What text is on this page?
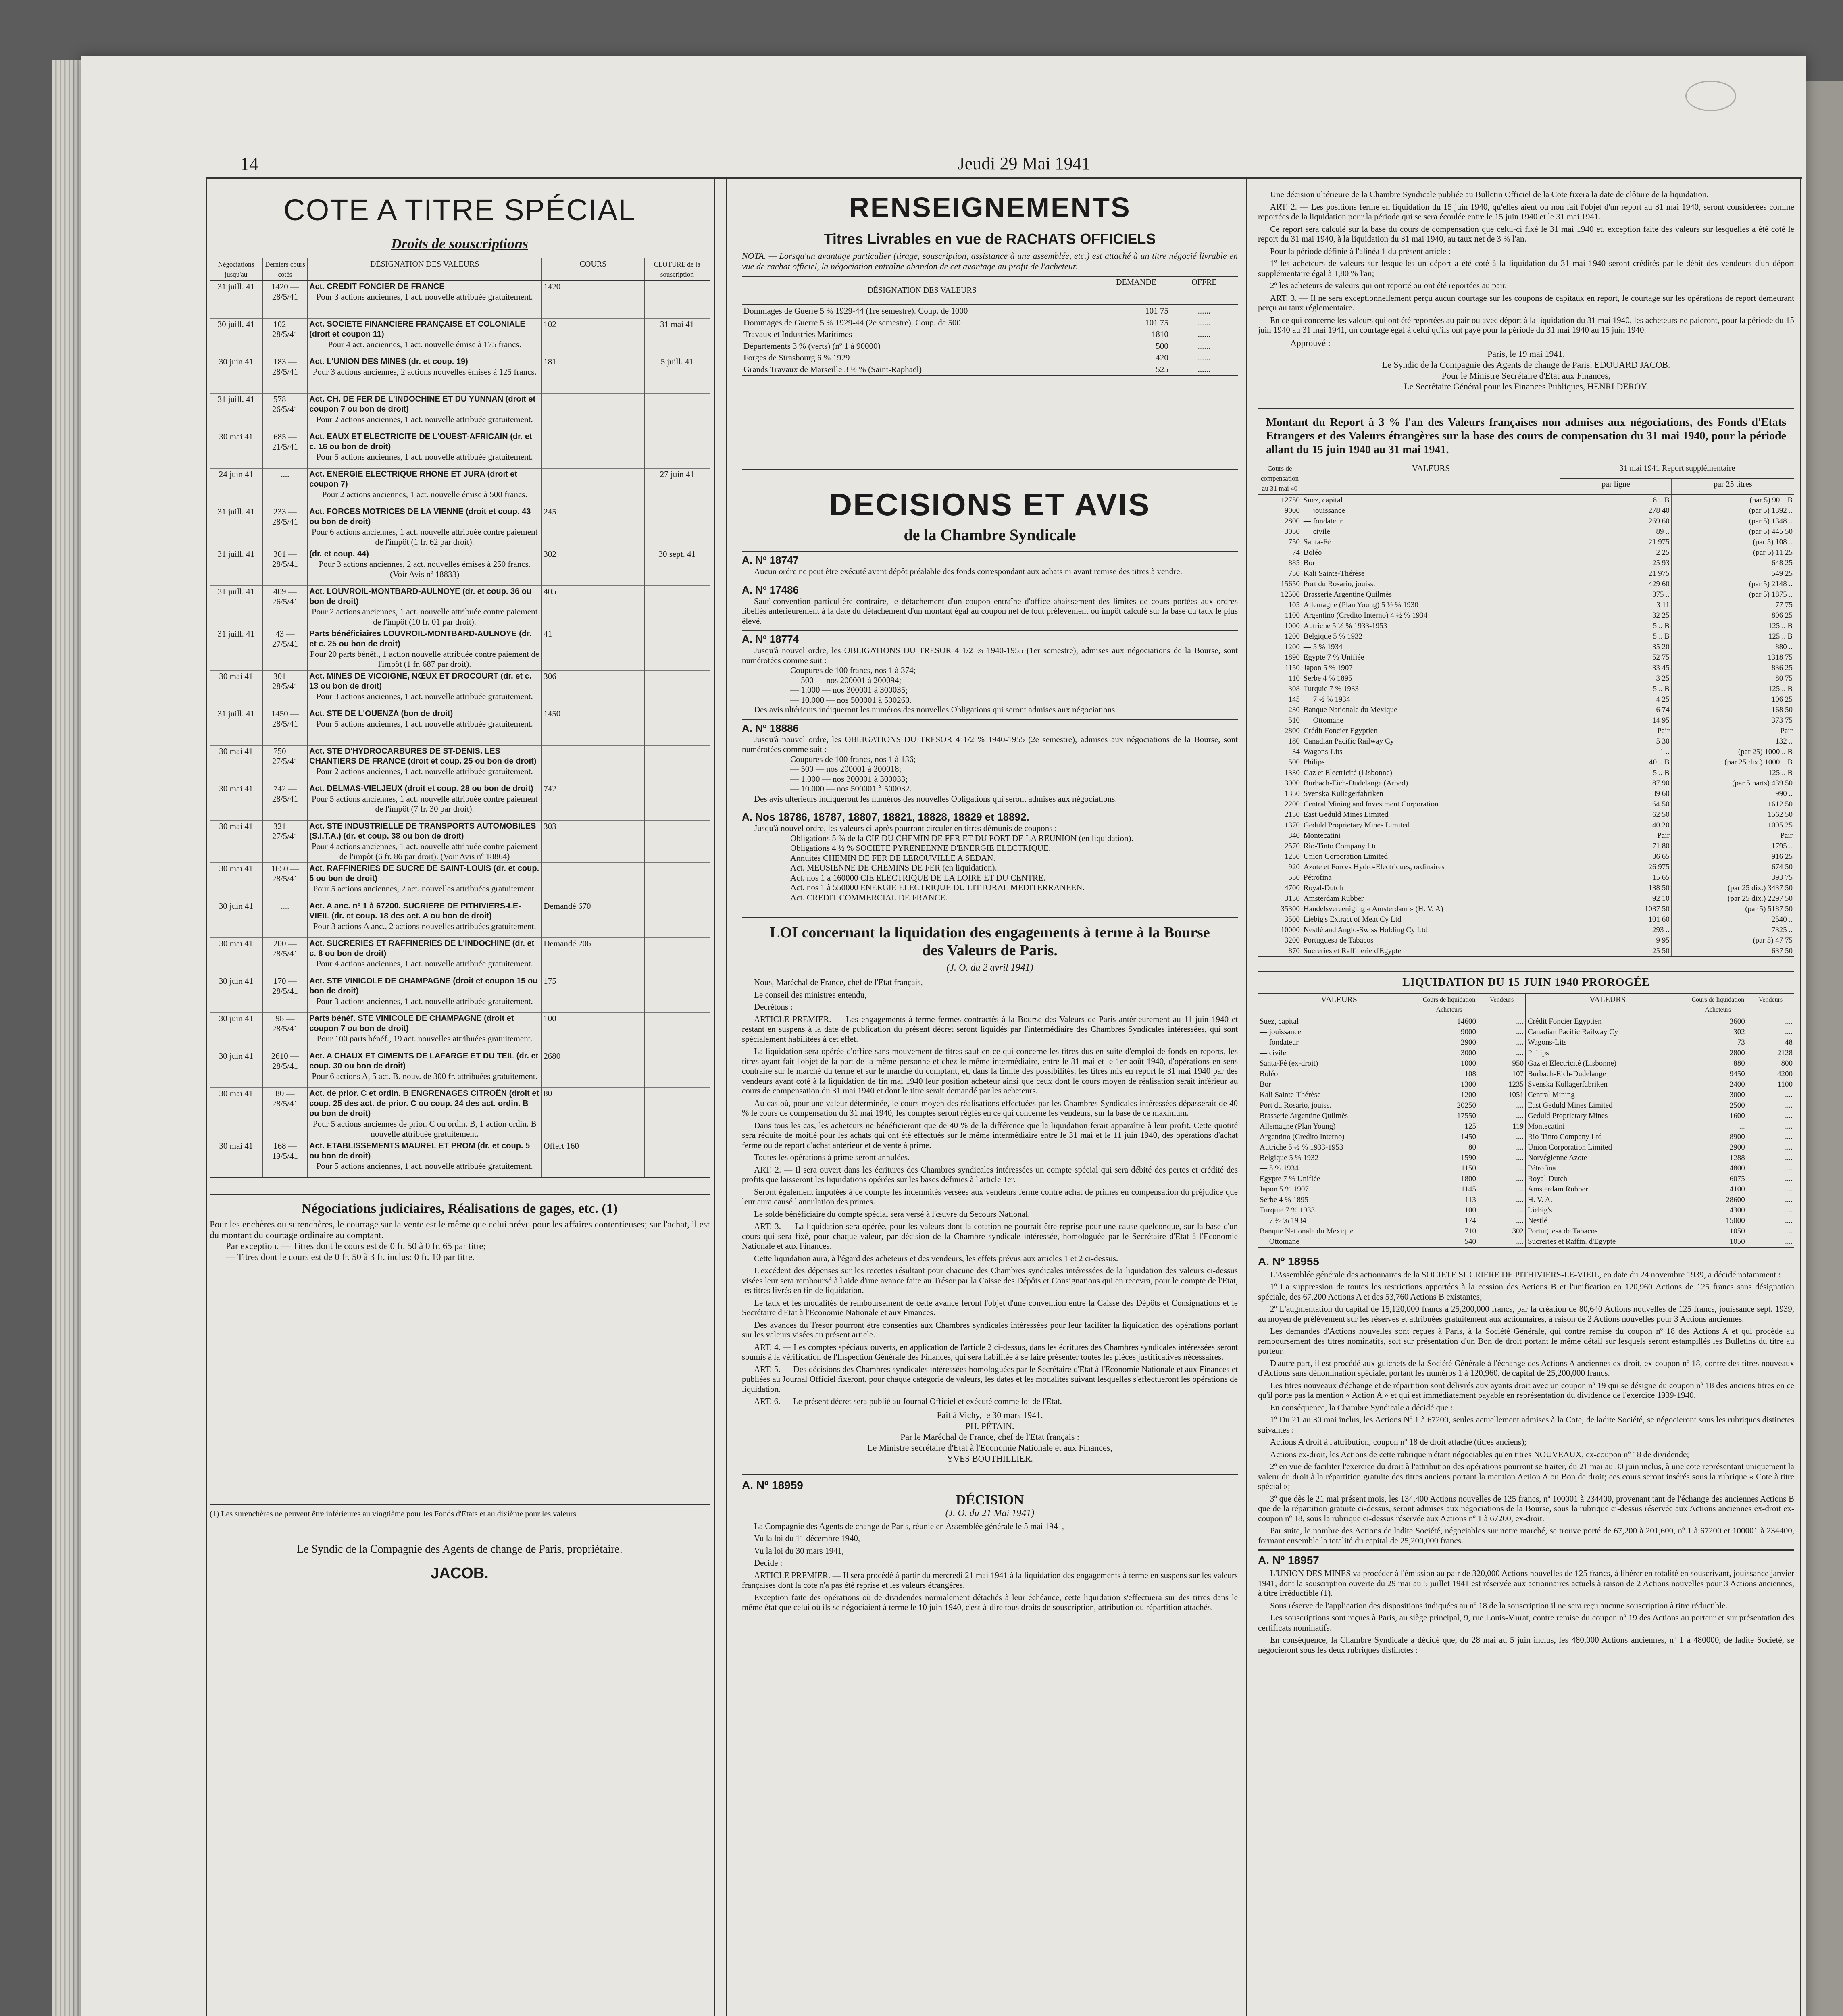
14	Jeudi 29 Mai 1941
COTE A TITRE SPÉCIAL
Droits de souscriptions
Négociations jusqu'au	Derniers cours cotés	DÉSIGNATION DES VALEURS	COURS	CLOTURE de la souscription
31 juill. 41	1420 — 28/5/41	Act. CREDIT FONCIER DE FRANCE
Pour 3 actions anciennes, 1 act. nouvelle attribuée gratuitement.	1420	
30 juill. 41	102 — 28/5/41	Act. SOCIETE FINANCIERE FRANÇAISE ET COLONIALE (droit et coupon 11)
Pour 4 act. anciennes, 1 act. nouvelle émise à 175 francs.	102	31 mai 41
30 juin 41	183 — 28/5/41	Act. L'UNION DES MINES (dr. et coup. 19)
Pour 3 actions anciennes, 2 actions nouvelles émises à 125 francs.	181	5 juill. 41
31 juill. 41	578 — 26/5/41	Act. CH. DE FER DE L'INDOCHINE ET DU YUNNAN (droit et coupon 7 ou bon de droit)
Pour 2 actions anciennes, 1 act. nouvelle attribuée gratuitement.		

30 mai 41	685 — 21/5/41	Act. EAUX ET ELECTRICITE DE L'OUEST-AFRICAIN (dr. et c. 16 ou bon de droit)
Pour 5 actions anciennes, 1 act. nouvelle attribuée gratuitement.		

24 juin 41	....	Act. ENERGIE ELECTRIQUE RHONE ET JURA (droit et coupon 7)
Pour 2 actions anciennes, 1 act. nouvelle émise à 500 francs.		27 juin 41
31 juill. 41	233 — 28/5/41	Act. FORCES MOTRICES DE LA VIENNE (droit et coup. 43 ou bon de droit)
Pour 6 actions anciennes, 1 act. nouvelle attribuée contre paiement de l'impôt (1 fr. 62 par droit).	245	
31 juill. 41	301 — 28/5/41	(dr. et coup. 44)
Pour 3 actions anciennes, 2 act. nouvelles émises à 250 francs. (Voir Avis nº 18833)	302	30 sept. 41
31 juill. 41	409 — 26/5/41	Act. LOUVROIL-MONTBARD-AULNOYE (dr. et coup. 36 ou bon de droit)
Pour 2 actions anciennes, 1 act. nouvelle attribuée contre paiement de l'impôt (10 fr. 01 par droit).	405	
31 juill. 41	43 — 27/5/41	Parts bénéficiaires LOUVROIL-MONTBARD-AULNOYE (dr. et c. 25 ou bon de droit)
Pour 20 parts bénéf., 1 action nouvelle attribuée contre paiement de l'impôt (1 fr. 687 par droit).	41	
30 mai 41	301 — 28/5/41	Act. MINES DE VICOIGNE, NŒUX ET DROCOURT (dr. et c. 13 ou bon de droit)
Pour 3 actions anciennes, 1 act. nouvelle attribuée gratuitement.	306	
31 juill. 41	1450 — 28/5/41	Act. STE DE L'OUENZA (bon de droit)
Pour 5 actions anciennes, 1 act. nouvelle attribuée gratuitement.	1450	
30 mai 41	750 — 27/5/41	Act. STE D'HYDROCARBURES DE ST-DENIS. LES CHANTIERS DE FRANCE (droit et coup. 25 ou bon de droit)
Pour 2 actions anciennes, 1 act. nouvelle attribuée gratuitement.		

30 mai 41	742 — 28/5/41	Act. DELMAS-VIELJEUX (droit et coup. 28 ou bon de droit)
Pour 5 actions anciennes, 1 act. nouvelle attribuée contre paiement de l'impôt (7 fr. 30 par droit).	742	
30 mai 41	321 — 27/5/41	Act. STE INDUSTRIELLE DE TRANSPORTS AUTOMOBILES (S.I.T.A.) (dr. et coup. 38 ou bon de droit)
Pour 4 actions anciennes, 1 act. nouvelle attribuée contre paiement de l'impôt (6 fr. 86 par droit). (Voir Avis nº 18864)	303	
30 mai 41	1650 — 28/5/41	Act. RAFFINERIES DE SUCRE DE SAINT-LOUIS (dr. et coup. 5 ou bon de droit)
Pour 5 actions anciennes, 2 act. nouvelles attribuées gratuitement.		

30 juin 41	....	Act. A anc. nº 1 à 67200. SUCRIERE DE PITHIVIERS-LE-VIEIL (dr. et coup. 18 des act. A ou bon de droit)
Pour 3 actions A anc., 2 actions nouvelles attribuées gratuitement.	Demandé 670	
30 mai 41	200 — 28/5/41	Act. SUCRERIES ET RAFFINERIES DE L'INDOCHINE (dr. et c. 8 ou bon de droit)
Pour 4 actions anciennes, 1 act. nouvelle attribuée gratuitement.	Demandé 206	
30 juin 41	170 — 28/5/41	Act. STE VINICOLE DE CHAMPAGNE (droit et coupon 15 ou bon de droit)
Pour 3 actions anciennes, 1 act. nouvelle attribuée gratuitement.	175	
30 juin 41	98 — 28/5/41	Parts bénéf. STE VINICOLE DE CHAMPAGNE (droit et coupon 7 ou bon de droit)
Pour 100 parts bénéf., 19 act. nouvelles attribuées gratuitement.	100	
30 juin 41	2610 — 28/5/41	Act. A CHAUX ET CIMENTS DE LAFARGE ET DU TEIL (dr. et coup. 30 ou bon de droit)
Pour 6 actions A, 5 act. B. nouv. de 300 fr. attribuées gratuitement.	2680	
30 mai 41	80 — 28/5/41	Act. de prior. C et ordin. B ENGRENAGES CITROËN (droit et coup. 25 des act. de prior. C ou coup. 24 des act. ordin. B ou bon de droit)
Pour 5 actions anciennes de prior. C ou ordin. B, 1 action ordin. B nouvelle attribuée gratuitement.	80	
30 mai 41	168 — 19/5/41	Act. ETABLISSEMENTS MAUREL ET PROM (dr. et coup. 5 ou bon de droit)
Pour 5 actions anciennes, 1 act. nouvelle attribuée gratuitement.	Offert 160	
Négociations judiciaires, Réalisations de gages, etc. (1)
Pour les enchères ou surenchères, le courtage sur la vente est le même que celui prévu pour les affaires contentieuses; sur l'achat, il est du montant du courtage ordinaire au comptant.
Par exception. — Titres dont le cours est de 0 fr. 50 à 0 fr. 65 par titre;
— Titres dont le cours est de 0 fr. 50 à 3 fr. inclus: 0 fr. 10 par titre.
(1) Les surenchères ne peuvent être inférieures au vingtième pour les Fonds d'Etats et au dixième pour les valeurs.
Le Syndic de la Compagnie des Agents de change de Paris, propriétaire.
JACOB.
RENSEIGNEMENTS
Titres Livrables en vue de RACHATS OFFICIELS
NOTA. — Lorsqu'un avantage particulier (tirage, souscription, assistance à une assemblée, etc.) est attaché à un titre négocié livrable en vue de rachat officiel, la négociation entraîne abandon de cet avantage au profit de l'acheteur.
DÉSIGNATION DES VALEURS	DEMANDE	OFFRE
Dommages de Guerre 5 % 1929-44 (1re semestre). Coup. de 1000	101 75	......
Dommages de Guerre 5 % 1929-44 (2e semestre). Coup. de 500	101 75	......
Travaux et Industries Maritimes	1810	......
Départements 3 % (verts) (nº 1 à 90000)	500	......
Forges de Strasbourg 6 % 1929	420	......
Grands Travaux de Marseille 3 ½ % (Saint-Raphaël)	525	......
DECISIONS ET AVIS
de la Chambre Syndicale
A. Nº 18747
Aucun ordre ne peut être exécuté avant dépôt préalable des fonds correspondant aux achats ni avant remise des titres à vendre.
A. Nº 17486
Sauf convention particulière contraire, le détachement d'un coupon entraîne d'office abaissement des limites de cours portées aux ordres libellés antérieurement à la date du détachement d'un montant égal au coupon net de tout prélèvement ou impôt calculé sur la base du taux le plus élevé.
A. Nº 18774
Jusqu'à nouvel ordre, les OBLIGATIONS DU TRESOR 4 1/2 % 1940-1955 (1er semestre), admises aux négociations de la Bourse, sont numérotées comme suit :
Coupures de 100 francs, nos 1 à 374;
— 500 — nos 200001 à 200094;
— 1.000 — nos 300001 à 300035;
— 10.000 — nos 500001 à 500260.
Des avis ultérieurs indiqueront les numéros des nouvelles Obligations qui seront admises aux négociations.
A. Nº 18886
Jusqu'à nouvel ordre, les OBLIGATIONS DU TRESOR 4 1/2 % 1940-1955 (2e semestre), admises aux négociations de la Bourse, sont numérotées comme suit :
Coupures de 100 francs, nos 1 à 136;
— 500 — nos 200001 à 200018;
— 1.000 — nos 300001 à 300033;
— 10.000 — nos 500001 à 500032.
Des avis ultérieurs indiqueront les numéros des nouvelles Obligations qui seront admises aux négociations.
A. Nos 18786, 18787, 18807, 18821, 18828, 18829 et 18892.
Jusqu'à nouvel ordre, les valeurs ci-après pourront circuler en titres démunis de coupons :
Obligations 5 % de la CIE DU CHEMIN DE FER ET DU PORT DE LA REUNION (en liquidation).
Obligations 4 ½ % SOCIETE PYRENEENNE D'ENERGIE ELECTRIQUE.
Annuités CHEMIN DE FER DE LEROUVILLE A SEDAN.
Act. MEUSIENNE DE CHEMINS DE FER (en liquidation).
Act. nos 1 à 160000 CIE ELECTRIQUE DE LA LOIRE ET DU CENTRE.
Act. nos 1 à 550000 ENERGIE ELECTRIQUE DU LITTORAL MEDITERRANEEN.
Act. CREDIT COMMERCIAL DE FRANCE.
LOI concernant la liquidation des engagements à terme à la Bourse des Valeurs de Paris.
(J. O. du 2 avril 1941)

Nous, Maréchal de France, chef de l'Etat français,

Le conseil des ministres entendu,

Décrétons :

ARTICLE PREMIER. — Les engagements à terme fermes contractés à la Bourse des Valeurs de Paris antérieurement au 11 juin 1940 et restant en suspens à la date de publication du présent décret seront liquidés par l'intermédiaire des Chambres Syndicales intéressées, qui sont spécialement habilitées à cet effet.

La liquidation sera opérée d'office sans mouvement de titres sauf en ce qui concerne les titres dus en suite d'emploi de fonds en reports, les titres ayant fait l'objet de la part de la même personne et chez le même intermédiaire, entre le 31 mai et le 1er août 1940, d'opérations en sens contraire sur le marché du terme et sur le marché du comptant, et, dans la limite des possibilités, les titres mis en report le 31 mai 1940 par des vendeurs ayant coté à la liquidation de fin mai 1940 leur position acheteur ainsi que ceux dont le cours moyen de réalisation serait inférieur au cours de compensation du 31 mai 1940 et dont le titre serait demandé par les acheteurs.

Au cas où, pour une valeur déterminée, le cours moyen des réalisations effectuées par les Chambres Syndicales intéressées dépasserait de 40 % le cours de compensation du 31 mai 1940, les comptes seront réglés en ce qui concerne les vendeurs, sur la base de ce maximum.

Dans tous les cas, les acheteurs ne bénéficieront que de 40 % de la différence que la liquidation ferait apparaître à leur profit. Cette quotité sera réduite de moitié pour les achats qui ont été effectués sur le même intermédiaire entre le 31 mai et le 11 juin 1940, des opérations d'achat ferme ou de report d'achat antérieur et de vente à prime.

Toutes les opérations à prime seront annulées.

ART. 2. — Il sera ouvert dans les écritures des Chambres syndicales intéressées un compte spécial qui sera débité des pertes et crédité des profits que laisseront les liquidations opérées sur les bases définies à l'article 1er.

Seront également imputées à ce compte les indemnités versées aux vendeurs ferme contre achat de primes en compensation du préjudice que leur aura causé l'annulation des primes.

Le solde bénéficiaire du compte spécial sera versé à l'œuvre du Secours National.

ART. 3. — La liquidation sera opérée, pour les valeurs dont la cotation ne pourrait être reprise pour une cause quelconque, sur la base d'un cours qui sera fixé, pour chaque valeur, par décision de la Chambre syndicale intéressée, homologuée par le Secrétaire d'Etat à l'Economie Nationale et aux Finances.

Cette liquidation aura, à l'égard des acheteurs et des vendeurs, les effets prévus aux articles 1 et 2 ci-dessus.

L'excédent des dépenses sur les recettes résultant pour chacune des Chambres syndicales intéressées de la liquidation des valeurs ci-dessus visées leur sera remboursé à l'aide d'une avance faite au Trésor par la Caisse des Dépôts et Consignations qui en recevra, pour le compte de l'Etat, les titres livrés en fin de liquidation.

Le taux et les modalités de remboursement de cette avance feront l'objet d'une convention entre la Caisse des Dépôts et Consignations et le Secrétaire d'Etat à l'Economie Nationale et aux Finances.

Des avances du Trésor pourront être consenties aux Chambres syndicales intéressées pour leur faciliter la liquidation des opérations portant sur les valeurs visées au présent article.

ART. 4. — Les comptes spéciaux ouverts, en application de l'article 2 ci-dessus, dans les écritures des Chambres syndicales intéressées seront soumis à la vérification de l'Inspection Générale des Finances, qui sera habilitée à se faire présenter toutes les pièces justificatives nécessaires.

ART. 5. — Des décisions des Chambres syndicales intéressées homologuées par le Secrétaire d'Etat à l'Economie Nationale et aux Finances et publiées au Journal Officiel fixeront, pour chaque catégorie de valeurs, les dates et les modalités suivant lesquelles s'effectueront les opérations de liquidation.

ART. 6. — Le présent décret sera publié au Journal Officiel et exécuté comme loi de l'Etat.

Fait à Vichy, le 30 mars 1941.
PH. PÉTAIN.
Par le Maréchal de France, chef de l'Etat français :
Le Ministre secrétaire d'Etat à l'Economie Nationale et aux Finances,
YVES BOUTHILLIER.
A. Nº 18959
DÉCISION
(J. O. du 21 Mai 1941)

La Compagnie des Agents de change de Paris, réunie en Assemblée générale le 5 mai 1941,

Vu la loi du 11 décembre 1940,

Vu la loi du 30 mars 1941,

Décide :

ARTICLE PREMIER. — Il sera procédé à partir du mercredi 21 mai 1941 à la liquidation des engagements à terme en suspens sur les valeurs françaises dont la cote n'a pas été reprise et les valeurs étrangères.

Exception faite des opérations où de dividendes normalement détachés à leur échéance, cette liquidation s'effectuera sur des titres dans le même état que celui où ils se négociaient à terme le 10 juin 1940, c'est-à-dire tous droits de souscription, attribution ou répartition attachés.

Une décision ultérieure de la Chambre Syndicale publiée au Bulletin Officiel de la Cote fixera la date de clôture de la liquidation.

ART. 2. — Les positions ferme en liquidation du 15 juin 1940, qu'elles aient ou non fait l'objet d'un report au 31 mai 1940, seront considérées comme reportées de la liquidation pour la période qui se sera écoulée entre le 15 juin 1940 et le 31 mai 1941.

Ce report sera calculé sur la base du cours de compensation que celui-ci fixé le 31 mai 1940 et, exception faite des valeurs sur lesquelles a été coté le report du 31 mai 1940, à la liquidation du 31 mai 1940, au taux net de 3 % l'an.

Pour la période définie à l'alinéa 1 du présent article :

1º les acheteurs de valeurs sur lesquelles un déport a été coté à la liquidation du 31 mai 1940 seront crédités par le débit des vendeurs d'un déport supplémentaire égal à 1,80 % l'an;

2º les acheteurs de valeurs qui ont reporté ou ont été reportées au pair.

ART. 3. — Il ne sera exceptionnellement perçu aucun courtage sur les coupons de capitaux en report, le courtage sur les opérations de report demeurant perçu au taux réglementaire.

En ce qui concerne les valeurs qui ont été reportées au pair ou avec déport à la liquidation du 31 mai 1940, les acheteurs ne paieront, pour la période du 15 juin 1940 au 31 mai 1941, un courtage égal à celui qu'ils ont payé pour la période du 31 mai 1940 au 15 juin 1940.

Approuvé :
Paris, le 19 mai 1941.
Le Syndic de la Compagnie des Agents de change de Paris, EDOUARD JACOB.
Pour le Ministre Secrétaire d'Etat aux Finances,
Le Secrétaire Général pour les Finances Publiques, HENRI DEROY.
Montant du Report à 3 % l'an des Valeurs françaises non admises aux négociations, des Fonds d'Etats Etrangers et des Valeurs étrangères sur la base des cours de compensation du 31 mai 1940, pour la période allant du 15 juin 1940 au 31 mai 1941.
Cours de compensation au 31 mai 40	VALEURS	31 mai 1941 Report supplémentaire	
		par ligne	par 25 titres
12750	Suez, capital	18 .. B	(par 5) 90 .. B
9000	— jouissance	278 40	(par 5) 1392 ..
2800	— fondateur	269 60	(par 5) 1348 ..
3050	— civile	89 ..	(par 5) 445 50
750	Santa-Fé	21 975	(par 5) 108 ..
74	Boléo	2 25	(par 5) 11 25
885	Bor	25 93	648 25
750	Kali Sainte-Thérèse	21 975	549 25
15650	Port du Rosario, jouiss.	429 60	(par 5) 2148 ..
12500	Brasserie Argentine Quilmès	375 ..	(par 5) 1875 ..
105	Allemagne (Plan Young) 5 ½ % 1930	3 11	77 75
1100	Argentino (Credito Interno) 4 ½ % 1934	32 25	806 25
1000	Autriche 5 ½ % 1933-1953	5 .. B	125 .. B
1200	Belgique 5 % 1932	5 .. B	125 .. B
1200	— 5 % 1934	35 20	880 ..
1890	Egypte 7 % Unifiée	52 75	1318 75
1150	Japon 5 % 1907	33 45	836 25
110	Serbe 4 % 1895	3 25	80 75
308	Turquie 7 % 1933	5 .. B	125 .. B
145	— 7 ½ % 1934	4 25	106 25
230	Banque Nationale du Mexique	6 74	168 50
510	— Ottomane	14 95	373 75
2800	Crédit Foncier Egyptien	Pair	Pair
180	Canadian Pacific Railway Cy	5 30	132 ..
34	Wagons-Lits	1 ..	(par 25) 1000 .. B
500	Philips	40 .. B	(par 25 dix.) 1000 .. B
1330	Gaz et Electricité (Lisbonne)	5 .. B	125 .. B
3000	Burbach-Eich-Dudelange (Arbed)	87 90	(par 5 parts) 439 50
1350	Svenska Kullagerfabriken	39 60	990 ..
2200	Central Mining and Investment Corporation	64 50	1612 50
2130	East Geduld Mines Limited	62 50	1562 50
1370	Geduld Proprietary Mines Limited	40 20	1005 25
340	Montecatini	Pair	Pair
2570	Rio-Tinto Company Ltd	71 80	1795 ..
1250	Union Corporation Limited	36 65	916 25
920	Azote et Forces Hydro-Electriques, ordinaires	26 975	674 50
550	Pétrofina	15 65	393 75
4700	Royal-Dutch	138 50	(par 25 dix.) 3437 50
3130	Amsterdam Rubber	92 10	(par 25 dix.) 2297 50
35300	Handelsvereeniging « Amsterdam » (H. V. A)	1037 50	(par 5) 5187 50
3500	Liebig's Extract of Meat Cy Ltd	101 60	2540 ..
10000	Nestlé and Anglo-Swiss Holding Cy Ltd	293 ..	7325 ..
3200	Portuguesa de Tabacos	9 95	(par 5) 47 75
870	Sucreries et Raffinerie d'Egypte	25 50	637 50
LIQUIDATION DU 15 JUIN 1940 PROROGÉE
VALEURS	Cours de liquidation
Acheteurs	Vendeurs
Suez, capital	14600	....
— jouissance	9000	....
— fondateur	2900	....
— civile	3000	....
Santa-Fé (ex-droit)	1000	950
Boléo	108	107
Bor	1300	1235
Kali Sainte-Thérèse	1200	1051
Port du Rosario, jouiss.	20250	....
Brasserie Argentine Quilmès	17550	....
Allemagne (Plan Young)	125	119
Argentino (Credito Interno)	1450	....
Autriche 5 ½ % 1933-1953	80	....
Belgique 5 % 1932	1590	....
— 5 % 1934	1150	....
Egypte 7 % Unifiée	1800	....
Japon 5 % 1907	1145	....
Serbe 4 % 1895	113	....
Turquie 7 % 1933	100	....
— 7 ½ % 1934	174	....
Banque Nationale du Mexique	710	302
— Ottomane	540	....
VALEURS	Cours de liquidation
Acheteurs	Vendeurs
Crédit Foncier Egyptien	3600	....
Canadian Pacific Railway Cy	302	....
Wagons-Lits	73	48
Philips	2800	2128
Gaz et Electricité (Lisbonne)	880	800
Burbach-Eich-Dudelange	9450	4200
Svenska Kullagerfabriken	2400	1100
Central Mining	3000	....
East Geduld Mines Limited	2500	....
Geduld Proprietary Mines	1600	....
Montecatini	...	....
Rio-Tinto Company Ltd	8900	....
Union Corporation Limited	2900	....
Norvégienne Azote	1288	....
Pétrofina	4800	....
Royal-Dutch	6075	....
Amsterdam Rubber	4100	....
H. V. A.	28600	....
Liebig's	4300	....
Nestlé	15000	....
Portuguesa de Tabacos	1050	....
Sucreries et Raffin. d'Egypte	1050	....
A. Nº 18955

L'Assemblée générale des actionnaires de la SOCIETE SUCRIERE DE PITHIVIERS-LE-VIEIL, en date du 24 novembre 1939, a décidé notamment :

1º La suppression de toutes les restrictions apportées à la cession des Actions B et l'unification en 120,960 Actions de 125 francs sans désignation spéciale, des 67,200 Actions A et des 53,760 Actions B existantes;

2º L'augmentation du capital de 15,120,000 francs à 25,200,000 francs, par la création de 80,640 Actions nouvelles de 125 francs, jouissance sept. 1939, au moyen de prélèvement sur les réserves et attribuées gratuitement aux actionnaires, à raison de 2 Actions nouvelles pour 3 Actions anciennes.

Les demandes d'Actions nouvelles sont reçues à Paris, à la Société Générale, qui contre remise du coupon nº 18 des Actions A et qui procède au remboursement des titres nominatifs, soit sur présentation d'un Bon de droit portant le même détail sur lesquels seront estampillés les Bulletins du titre au porteur.

D'autre part, il est procédé aux guichets de la Société Générale à l'échange des Actions A anciennes ex-droit, ex-coupon nº 18, contre des titres nouveaux d'Actions sans dénomination spéciale, portant les numéros 1 à 120,960, de capital de 25,200,000 francs.

Les titres nouveaux d'échange et de répartition sont délivrés aux ayants droit avec un coupon nº 19 qui se désigne du coupon nº 18 des anciens titres en ce qu'il porte pas la mention « Action A » et qui est immédiatement payable en représentation du dividende de l'exercice 1939-1940.

En conséquence, la Chambre Syndicale a décidé que :

1º Du 21 au 30 mai inclus, les Actions Nº 1 à 67200, seules actuellement admises à la Cote, de ladite Société, se négocieront sous les rubriques distinctes suivantes :

Actions A droit à l'attribution, coupon nº 18 de droit attaché (titres anciens);

Actions ex-droit, les Actions de cette rubrique n'étant négociables qu'en titres NOUVEAUX, ex-coupon nº 18 de dividende;

2º en vue de faciliter l'exercice du droit à l'attribution des opérations pourront se traiter, du 21 mai au 30 juin inclus, à une cote représentant uniquement la valeur du droit à la répartition gratuite des titres anciens portant la mention Action A ou Bon de droit; ces cours seront insérés sous la rubrique « Cote à titre spécial »;

3º que dès le 21 mai présent mois, les 134,400 Actions nouvelles de 125 francs, nº 100001 à 234400, provenant tant de l'échange des anciennes Actions B que de la répartition gratuite ci-dessus, seront admises aux négociations de la Bourse, sous la rubrique ci-dessus réservée aux Actions anciennes ex-droit ex-coupon nº 18, sous la rubrique ci-dessus réservée aux Actions nº 1 à 67200, ex-droit.

Par suite, le nombre des Actions de ladite Société, négociables sur notre marché, se trouve porté de 67,200 à 201,600, nº 1 à 67200 et 100001 à 234400, formant ensemble la totalité du capital de 25,200,000 francs.

A. Nº 18957

L'UNION DES MINES va procéder à l'émission au pair de 320,000 Actions nouvelles de 125 francs, à libérer en totalité en souscrivant, jouissance janvier 1941, dont la souscription ouverte du 29 mai au 5 juillet 1941 est réservée aux actionnaires actuels à raison de 2 Actions nouvelles pour 3 Actions anciennes, à titre irréductible (1).

Sous réserve de l'application des dispositions indiquées au nº 18 de la souscription il ne sera reçu aucune souscription à titre réductible.

Les souscriptions sont reçues à Paris, au siège principal, 9, rue Louis-Murat, contre remise du coupon nº 19 des Actions au porteur et sur présentation des certificats nominatifs.

En conséquence, la Chambre Syndicale a décidé que, du 28 mai au 5 juin inclus, les 480,000 Actions anciennes, nº 1 à 480000, de ladite Société, se négocieront sous les deux rubriques distinctes :
